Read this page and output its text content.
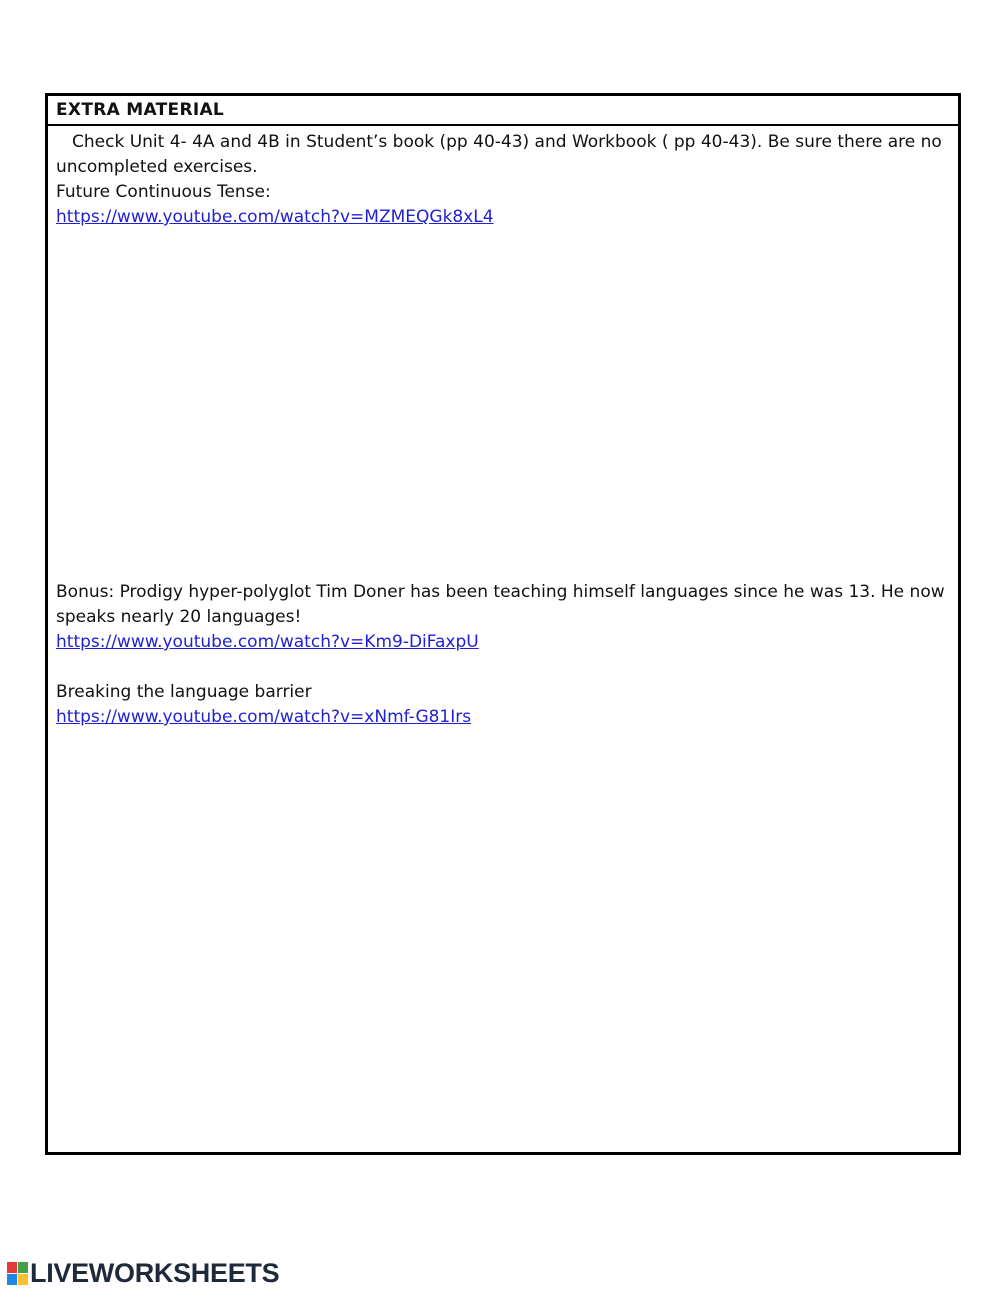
EXTRA MATERIAL

Check Unit 4- 4A and 4B in Student’s book (pp 40-43) and Workbook ( pp 40-43). Be sure there are no uncompleted exercises.

Future Continuous Tense:

https://www.youtube.com/watch?v=MZMEQGk8xL4

Bonus: Prodigy hyper-polyglot Tim Doner has been teaching himself languages since he was 13. He now speaks nearly 20 languages!

https://www.youtube.com/watch?v=Km9-DiFaxpU

Breaking the language barrier

https://www.youtube.com/watch?v=xNmf-G81Irs

LIVEWORKSHEETS
